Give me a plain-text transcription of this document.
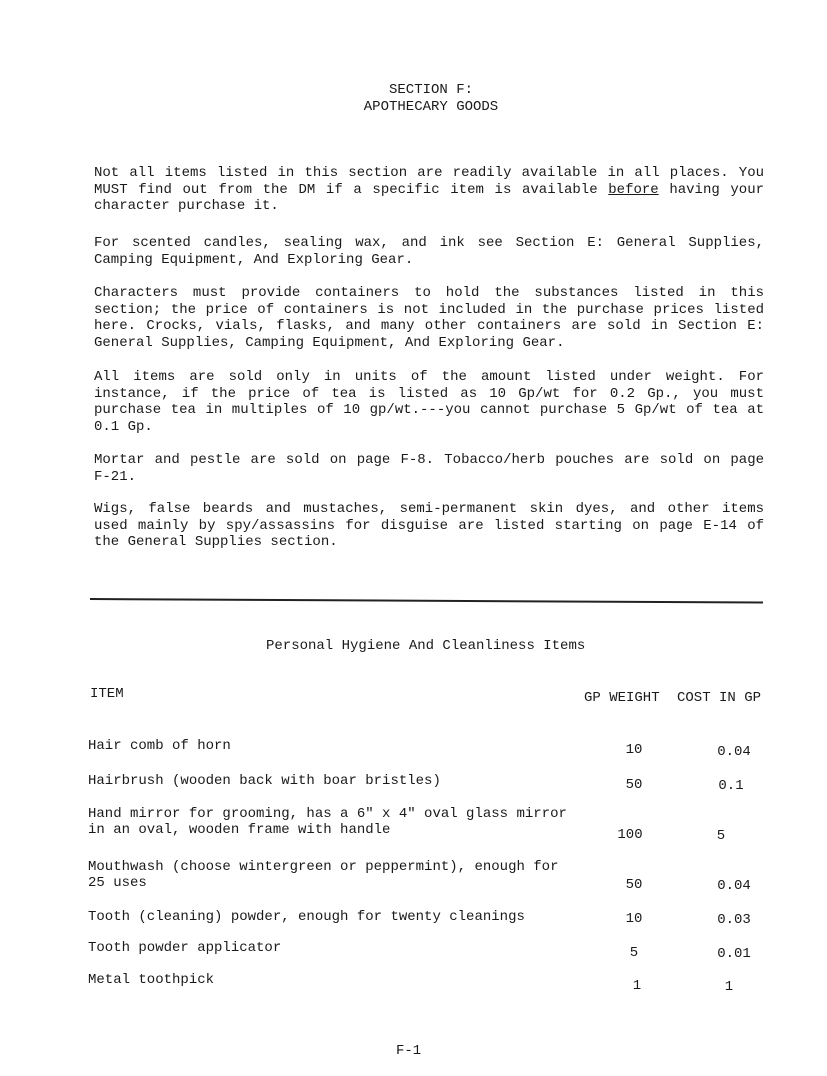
SECTION F:
APOTHECARY GOODS

Not all items listed in this section are readily available in all places. You MUST find out from the DM if a specific item is available before having your character purchase it.

For scented candles, sealing wax, and ink see Section E: General Supplies, Camping Equipment, And Exploring Gear.

Characters must provide containers to hold the substances listed in this section; the price of containers is not included in the purchase prices listed here. Crocks, vials, flasks, and many other containers are sold in Section E: General Supplies, Camping Equipment, And Exploring Gear.

All items are sold only in units of the amount listed under weight. For instance, if the price of tea is listed as 10 Gp/wt for 0.2 Gp., you must purchase tea in multiples of 10 gp/wt.---you cannot purchase 5 Gp/wt of tea at 0.1 Gp.

Mortar and pestle are sold on page F-8. Tobacco/herb pouches are sold on page F-21.

Wigs, false beards and mustaches, semi-permanent skin dyes, and other items used mainly by spy/assassins for disguise are listed starting on page E-14 of the General Supplies section.

Personal Hygiene And Cleanliness Items
ITEM	GP WEIGHT COST IN GP
Hair comb of horn	10	0.04
Hairbrush (wooden back with boar bristles)	50	0.1
Hand mirror for grooming, has a 6" x 4" oval glass mirror in an oval, wooden frame with handle	100	5
Mouthwash (choose wintergreen or peppermint), enough for 25 uses	50	0.04
Tooth (cleaning) powder, enough for twenty cleanings	10	0.03
Tooth powder applicator	5	0.01
Metal toothpick	1	1
F-1
